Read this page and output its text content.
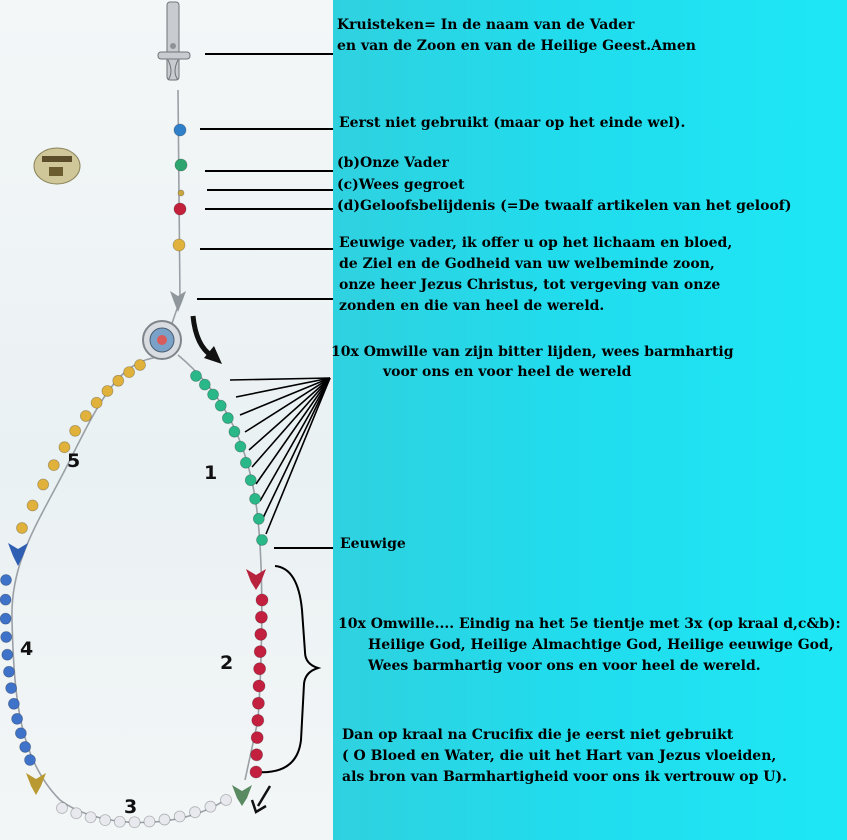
5
1
4
2
3
Kruisteken= In de naam van de Vader
en van de Zoon en van de Heilige Geest.Amen
Eerst niet gebruikt (maar op het einde wel).
(b)Onze Vader
(c)Wees gegroet
(d)Geloofsbelijdenis (=De twaalf artikelen van het geloof)
Eeuwige vader, ik offer u op het lichaam en bloed,
de Ziel en de Godheid van uw welbeminde zoon,
onze heer Jezus Christus, tot vergeving van onze
zonden en die van heel de wereld.
10x Omwille van zijn bitter lijden, wees barmhartig
voor ons en voor heel de wereld
Eeuwige
10x Omwille.... Eindig na het 5e tientje met 3x (op kraal d,c&b):
Heilige God, Heilige Almachtige God, Heilige eeuwige God,
Wees barmhartig voor ons en voor heel de wereld.
Dan op kraal na Crucifix die je eerst niet gebruikt
( O Bloed en Water, die uit het Hart van Jezus vloeiden,
als bron van Barmhartigheid voor ons ik vertrouw op U).
